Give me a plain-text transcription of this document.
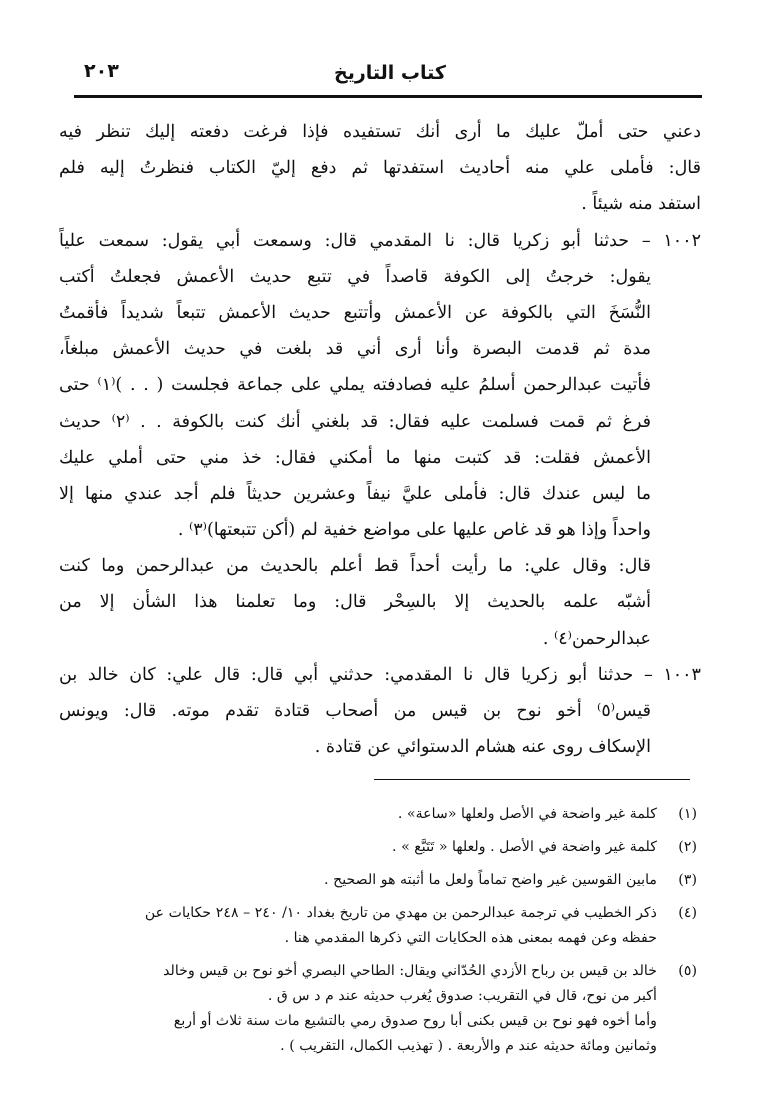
كتاب التاريخ
٢٠٣
دعني حتى أملّ عليك ما أرى أنك تستفيده فإذا فرغت دفعته إليك تنظر فيه
قال: فأملى علي منه أحاديث استفدتها ثم دفع إليّ الكتاب فنظرتُ إليه فلم
استفد منه شيئاً .
١٠٠٢ – حدثنا أبو زكريا قال: نا المقدمي قال: وسمعت أبي يقول: سمعت علياً
يقول: خرجتُ إلى الكوفة قاصداً في تتبع حديث الأعمش فجعلتُ أكتب
النُّسَخَ التي بالكوفة عن الأعمش وأتتبع حديث الأعمش تتبعاً شديداً فأقمتُ
مدة ثم قدمت البصرة وأنا أرى أني قد بلغت في حديث الأعمش مبلغاً،
فأتيت عبدالرحمن أسلمُ عليه فصادفته يملي على جماعة فجلست ( . . )⁽١⁾ حتى
فرغ ثم قمت فسلمت عليه فقال: قد بلغني أنك كنت بالكوفة . . ⁽٢⁾ حديث
الأعمش فقلت: قد كتبت منها ما أمكني فقال: خذ مني حتى أملي عليك
ما ليس عندك قال: فأملى عليَّ نيفاً وعشرين حديثاً فلم أجد عندي منها إلا
واحداً وإذا هو قد غاص عليها على مواضع خفية لم (أكن تتبعتها)⁽٣⁾ .
قال: وقال علي: ما رأيت أحداً قط أعلم بالحديث من عبدالرحمن وما كنت
أشبّه علمه بالحديث إلا بالسِحْر قال: وما تعلمنا هذا الشأن إلا من
عبدالرحمن⁽٤⁾ .
١٠٠٣ – حدثنا أبو زكريا قال نا المقدمي: حدثني أبي قال: قال علي: كان خالد بن
قيس⁽٥⁾ أخو نوح بن قيس من أصحاب قتادة تقدم موته. قال: ويونس
الإسكاف روى عنه هشام الدستوائي عن قتادة .
(١)كلمة غير واضحة في الأصل ولعلها «ساعة» .
(٢)كلمة غير واضحة في الأصل . ولعلها « تَتَبَّع » .
(٣)مابين القوسين غير واضح تماماً ولعل ما أثبته هو الصحيح .
(٤)ذكر الخطيب في ترجمة عبدالرحمن بن مهدي من تاريخ بغداد ١٠/ ٢٤٠ – ٢٤٨ حكايات عن
حفظه وعن فهمه بمعنى هذه الحكايات التي ذكرها المقدمي هنا .
(٥)خالد بن قيس بن رباح الأزدي الحُدّاني ويقال: الطاحي البصري أخو نوح بن قيس وخالد
أكبر من نوح، قال في التقريب: صدوق يُغرب حديثه عند م د س ق .
وأما أخوه فهو نوح بن قيس بكنى أبا روح صدوق رمي بالتشيع مات سنة ثلاث أو أربع
وثمانين ومائة حديثه عند م والأربعة . ( تهذيب الكمال، التقريب ) .
